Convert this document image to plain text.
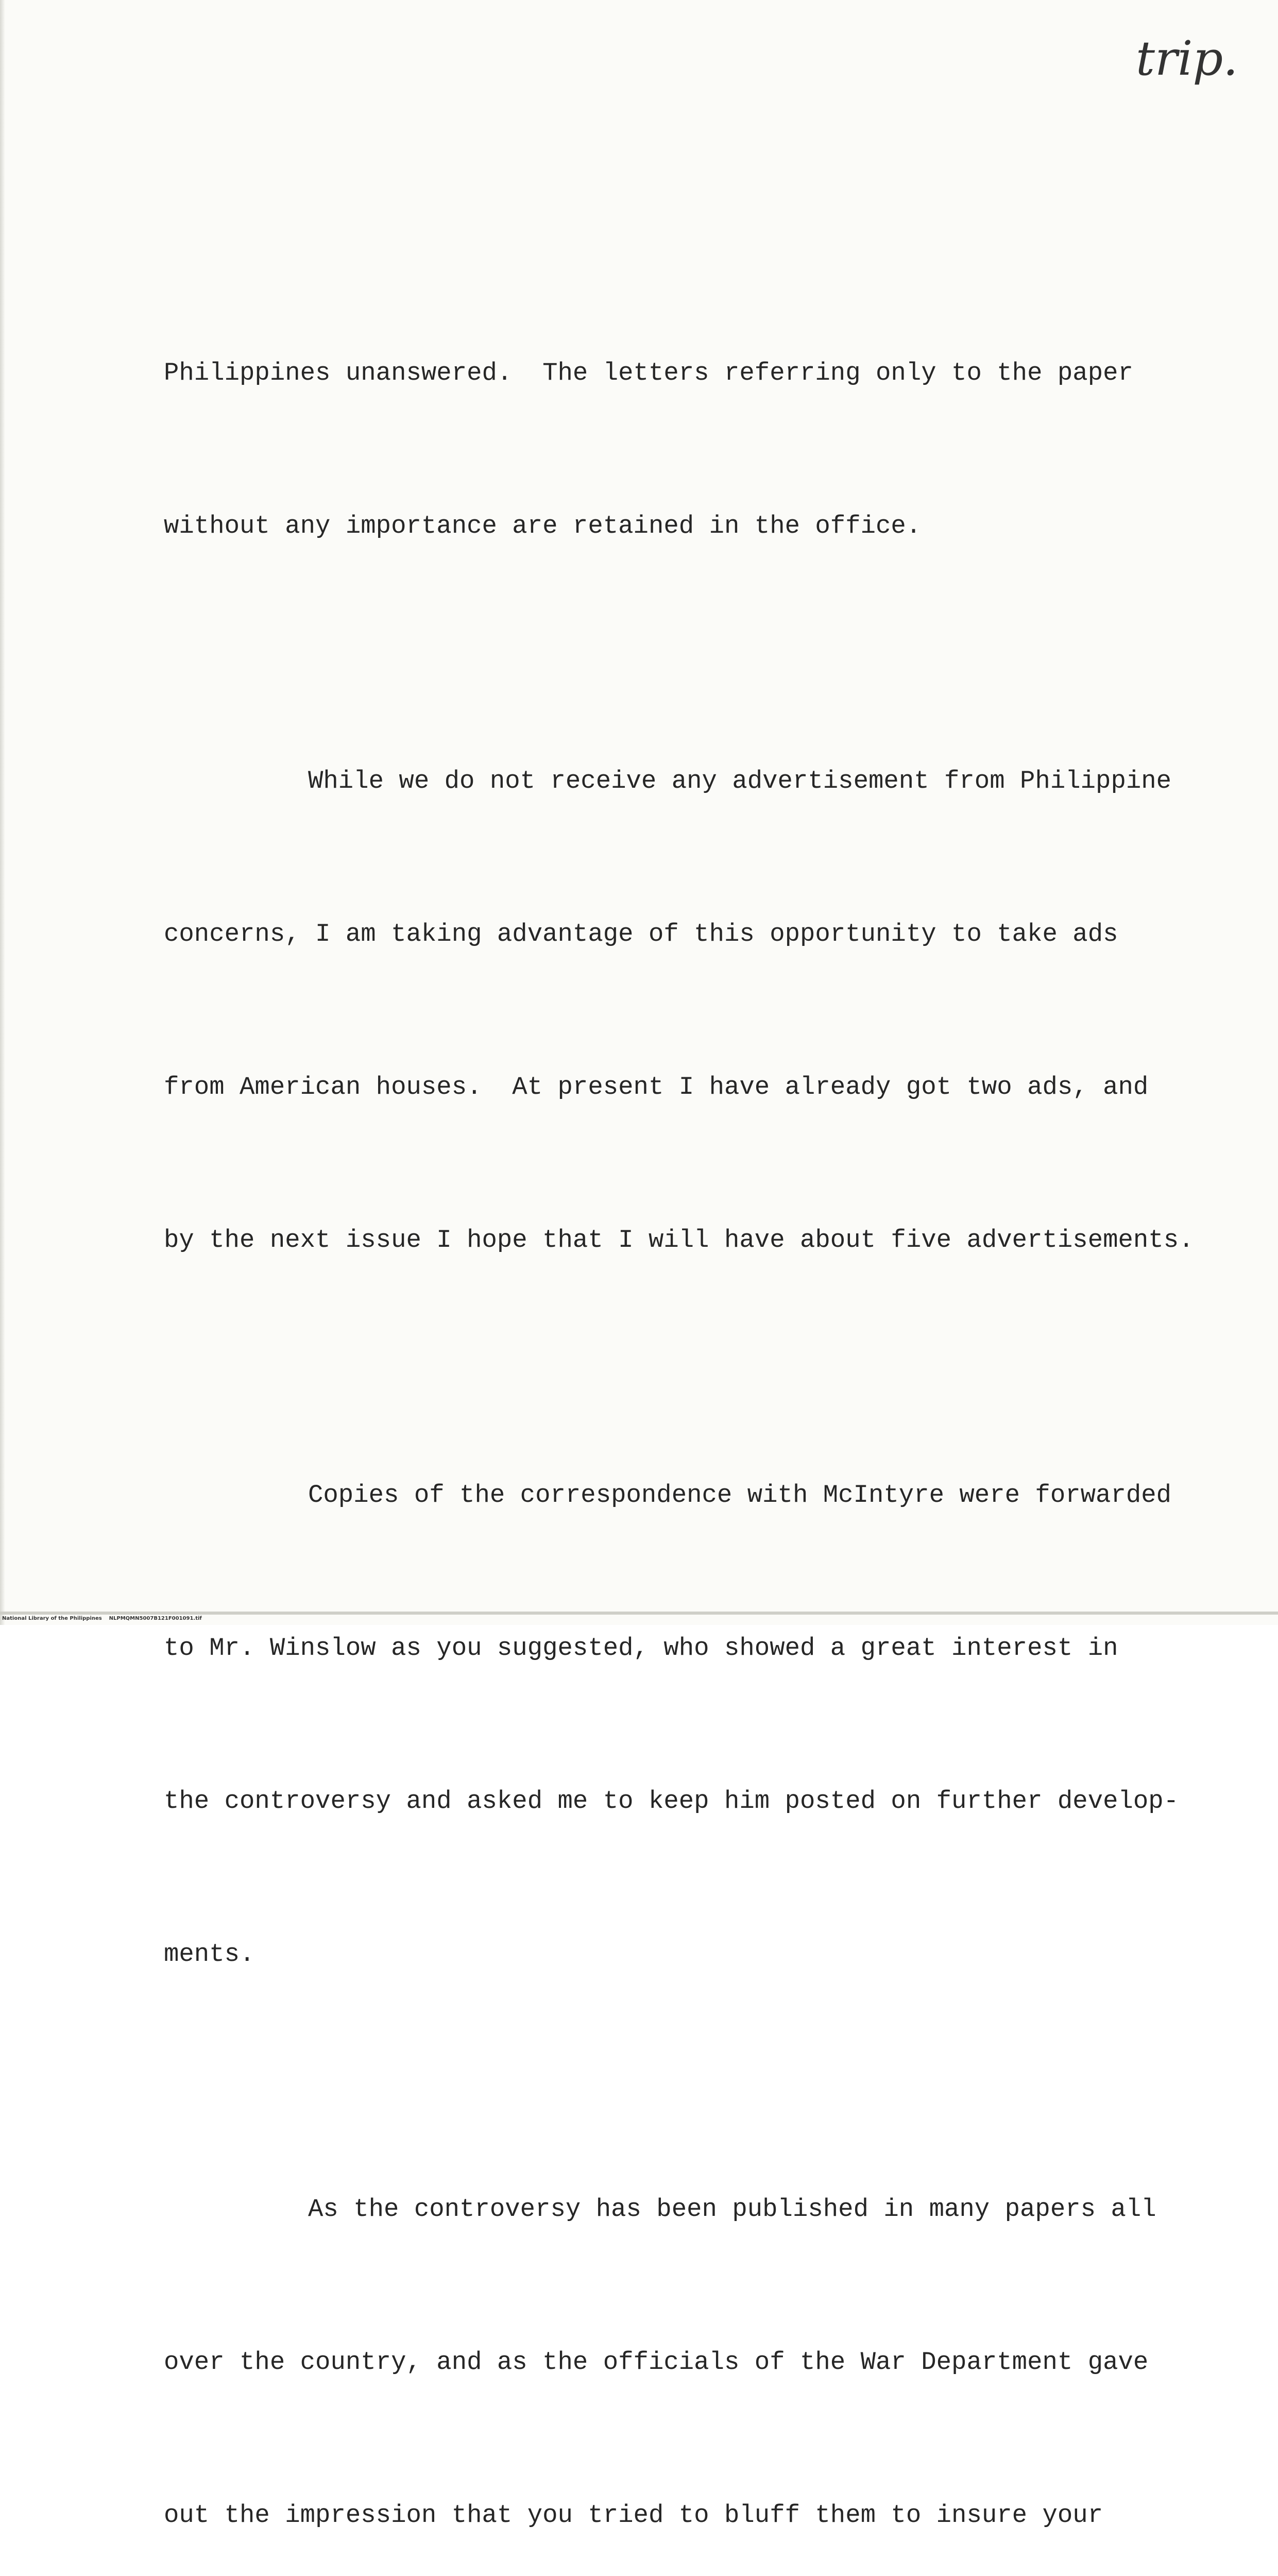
trip.

Philippines unanswered.  The letters referring only to the paper

without any importance are retained in the office.

While we do not receive any advertisement from Philippine

concerns, I am taking advantage of this opportunity to take ads

from American houses.  At present I have already got two ads, and

by the next issue I hope that I will have about five advertisements.

Copies of the correspondence with McIntyre were forwarded

to Mr. Winslow as you suggested, who showed a great interest in

the controversy and asked me to keep him posted on further develop-

ments.

As the controversy has been published in many papers all

over the country, and as the officials of the War Department gave

out the impression that you tried to bluff them to insure your

National Library of the Philippines    NLPMQMN5007B121F001091.tif
